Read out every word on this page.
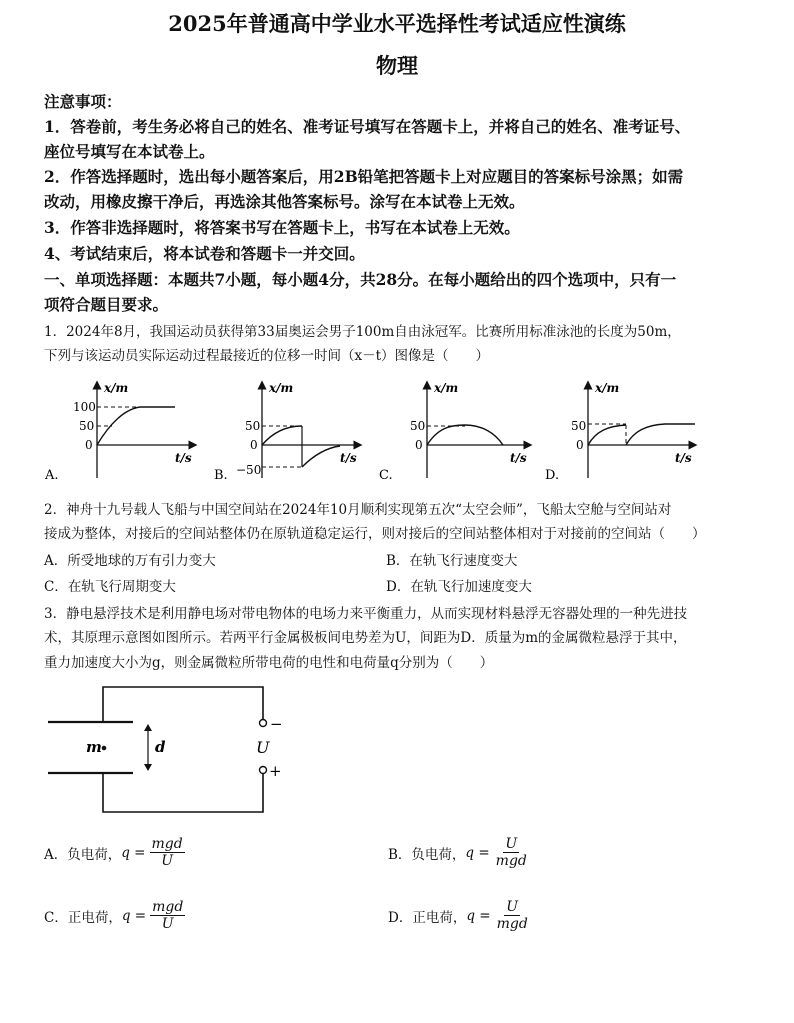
2025年普通高中学业水平选择性考试适应性演练
物理
注意事项：
1．答卷前，考生务必将自己的姓名、准考证号填写在答题卡上，并将自己的姓名、准考证号、
座位号填写在本试卷上。
2．作答选择题时，选出每小题答案后，用2B铅笔把答题卡上对应题目的答案标号涂黑；如需
改动，用橡皮擦干净后，再选涂其他答案标号。涂写在本试卷上无效。
3．作答非选择题时，将答案书写在答题卡上，书写在本试卷上无效。
4、考试结束后，将本试卷和答题卡一并交回。
一、单项选择题：本题共7小题，每小题4分，共28分。在每小题给出的四个选项中，只有一
项符合题目要求。
1．2024年8月，我国运动员获得第33届奥运会男子100m自由泳冠军。比赛所用标准泳池的长度为50m，
下列与该运动员实际运动过程最接近的位移一时间（x－t）图像是（　　）
x/m
t/s
100
50
0
A.
x/m
t/s
50
0
−50
B.
x/m
t/s
50
0
C.
x/m
t/s
50
0
D.
2．神舟十九号载人飞船与中国空间站在2024年10月顺利实现第五次“太空会师”，飞船太空舱与空间站对
接成为整体，对接后的空间站整体仍在原轨道稳定运行，则对接后的空间站整体相对于对接前的空间站（　　）
A．所受地球的万有引力变大	B．在轨飞行速度变大
C．在轨飞行周期变大	D．在轨飞行加速度变大
3．静电悬浮技术是利用静电场对带电物体的电场力来平衡重力，从而实现材料悬浮无容器处理的一种先进技
术，其原理示意图如图所示。若两平行金属极板间电势差为U，间距为D．质量为m的金属微粒悬浮于其中，
重力加速度大小为g，则金属微粒所带电荷的电性和电荷量q分别为（　　）
−
+
U
m	d
A．负电荷， $q = \frac{\text{mgd}}{U}$	B．负电荷， $q = \frac{U}{\text{mgd}}$
C．正电荷， $q = \frac{\text{mgd}}{U}$	D．正电荷， $q = \frac{U}{\text{mgd}}$
